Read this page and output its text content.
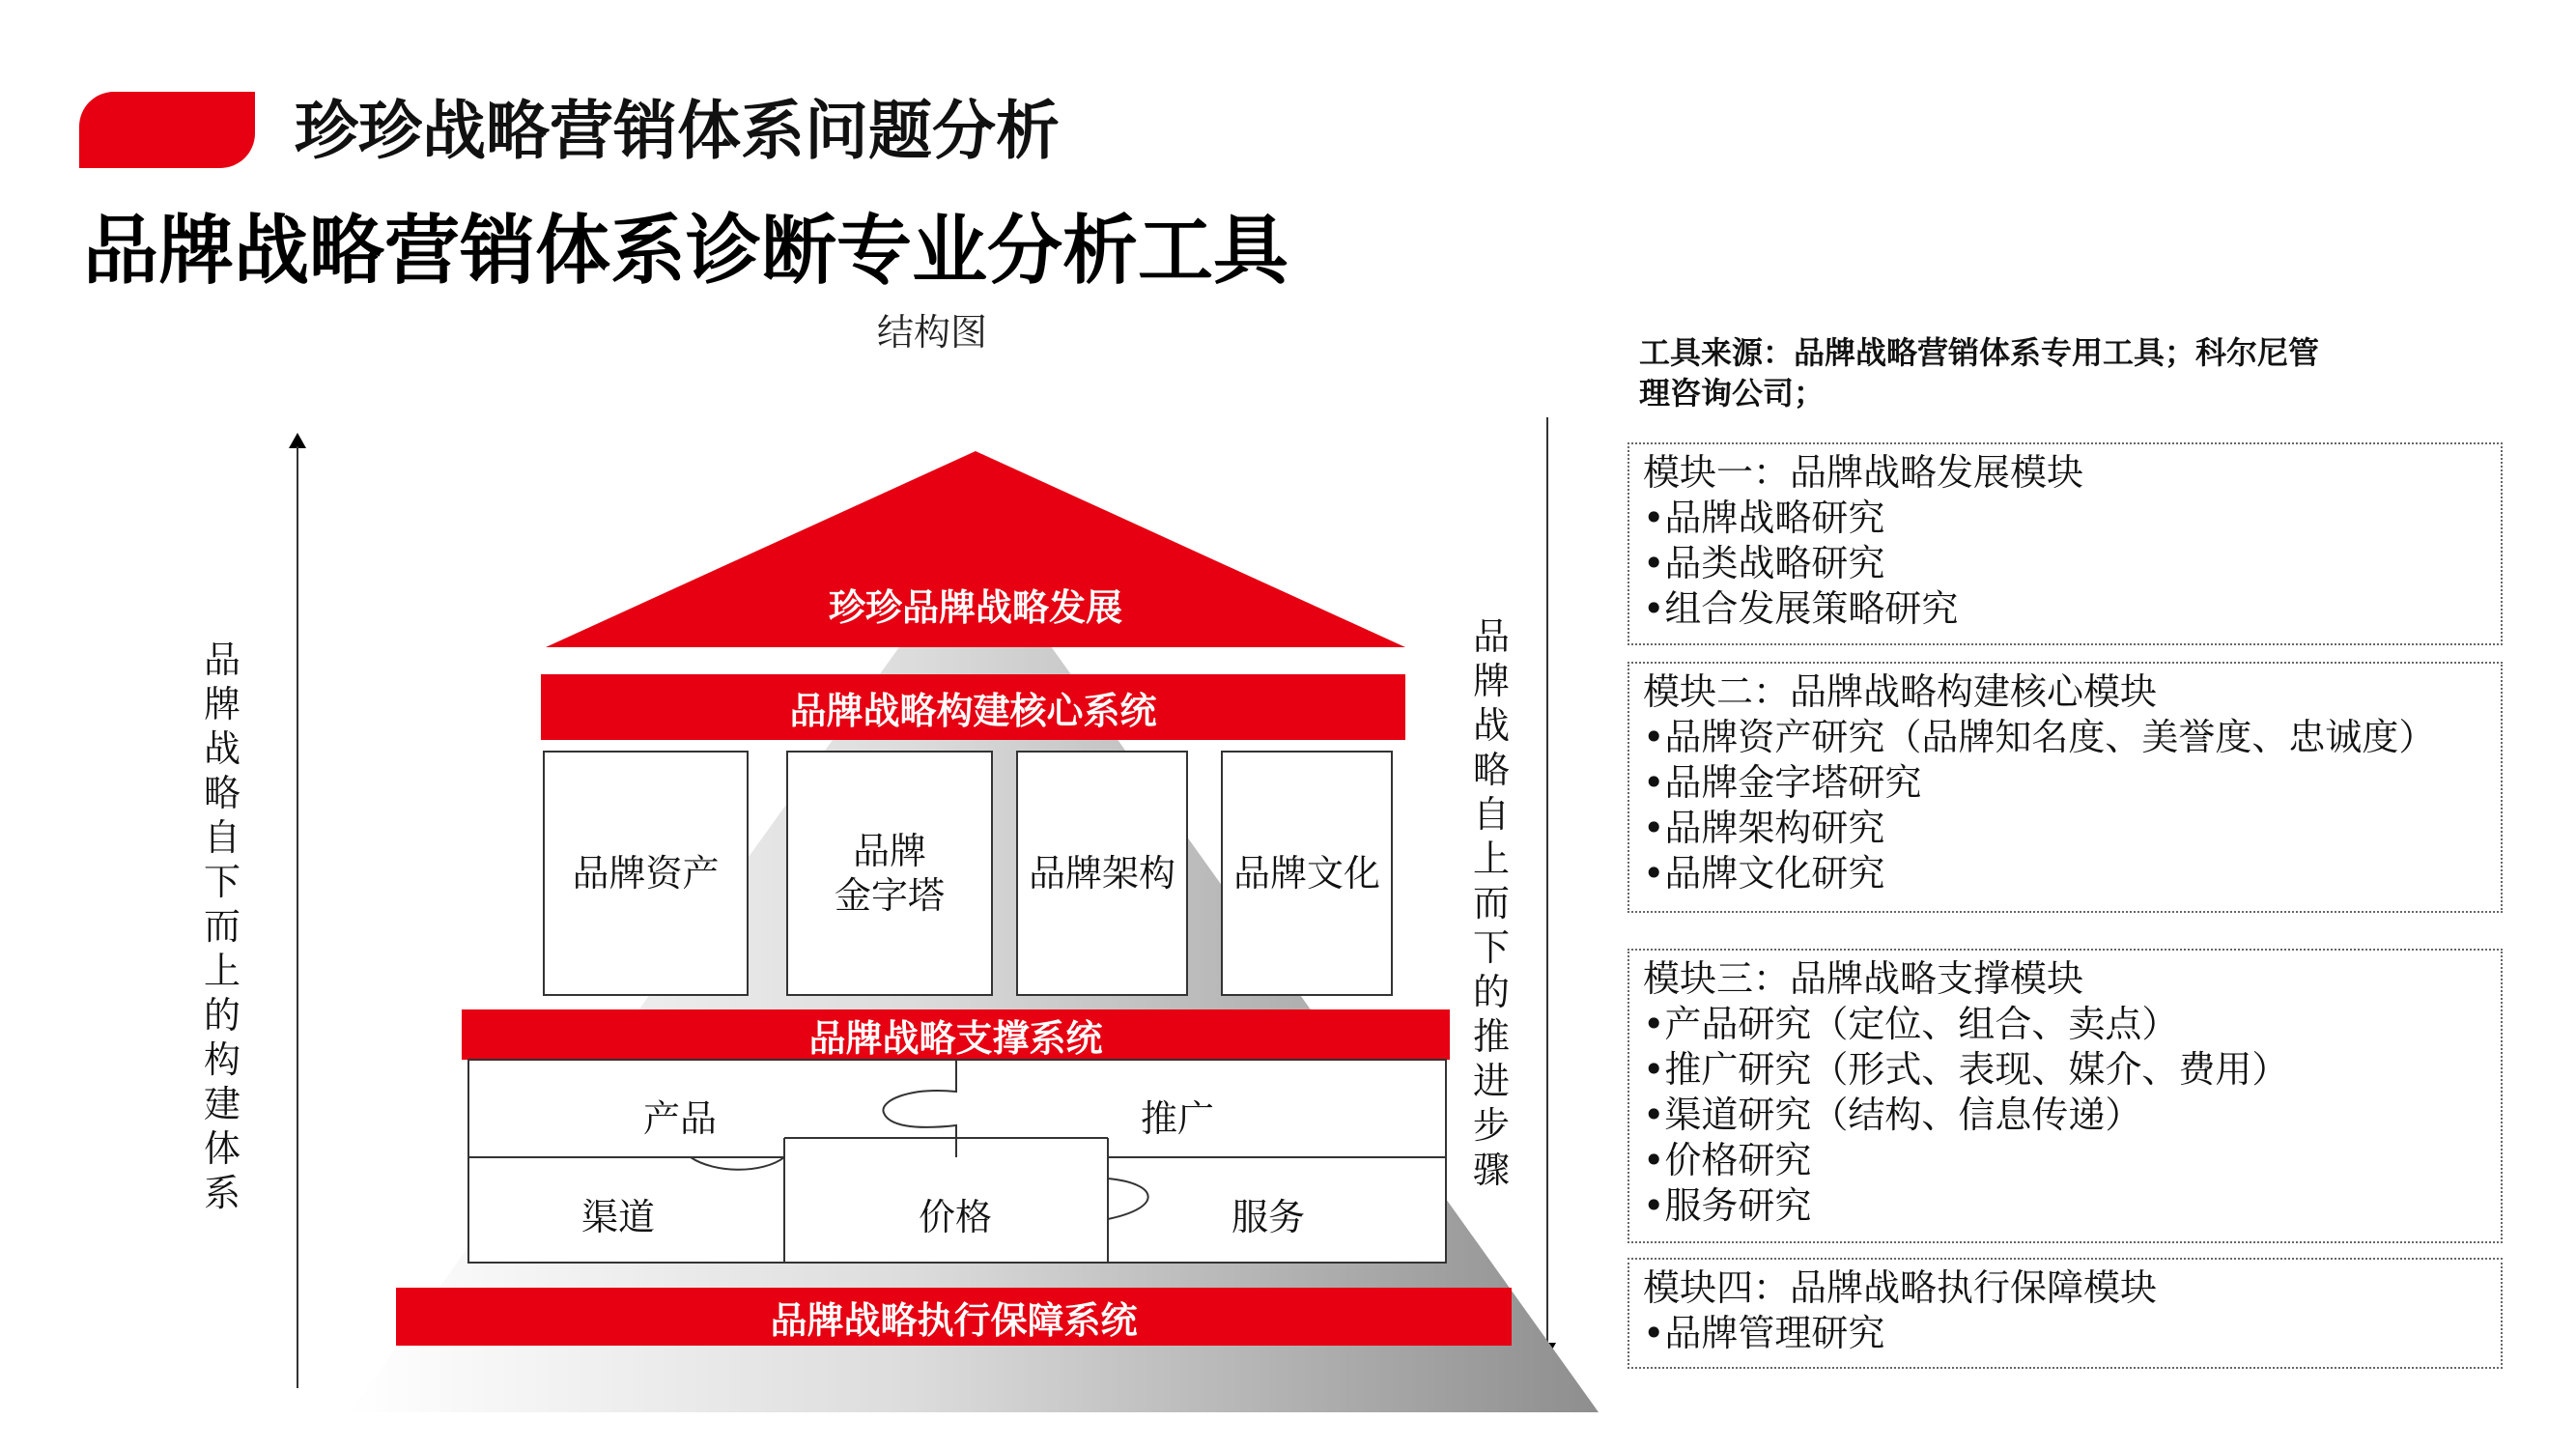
珍珍战略营销体系问题分析
品牌战略营销体系诊断专业分析工具
结构图
品牌战略自下而上的构建体系
品牌战略自上而下的推进步骤
珍珍品牌战略发展
品牌战略构建核心系统
品牌资产
品牌
金字塔
品牌架构	品牌文化
品牌战略支撑系统
产品	推广
渠道	价格	服务
品牌战略执行保障系统
工具来源：品牌战略营销体系专用工具；科尔尼管理咨询公司；
模块一：品牌战略发展模块
•品牌战略研究
•品类战略研究
•组合发展策略研究
模块二：品牌战略构建核心模块
•品牌资产研究（品牌知名度、美誉度、忠诚度）
•品牌金字塔研究
•品牌架构研究
•品牌文化研究
模块三：品牌战略支撑模块
•产品研究（定位、组合、卖点）
•推广研究（形式、表现、媒介、费用）
•渠道研究（结构、信息传递）
•价格研究
•服务研究
模块四：品牌战略执行保障模块
•品牌管理研究
